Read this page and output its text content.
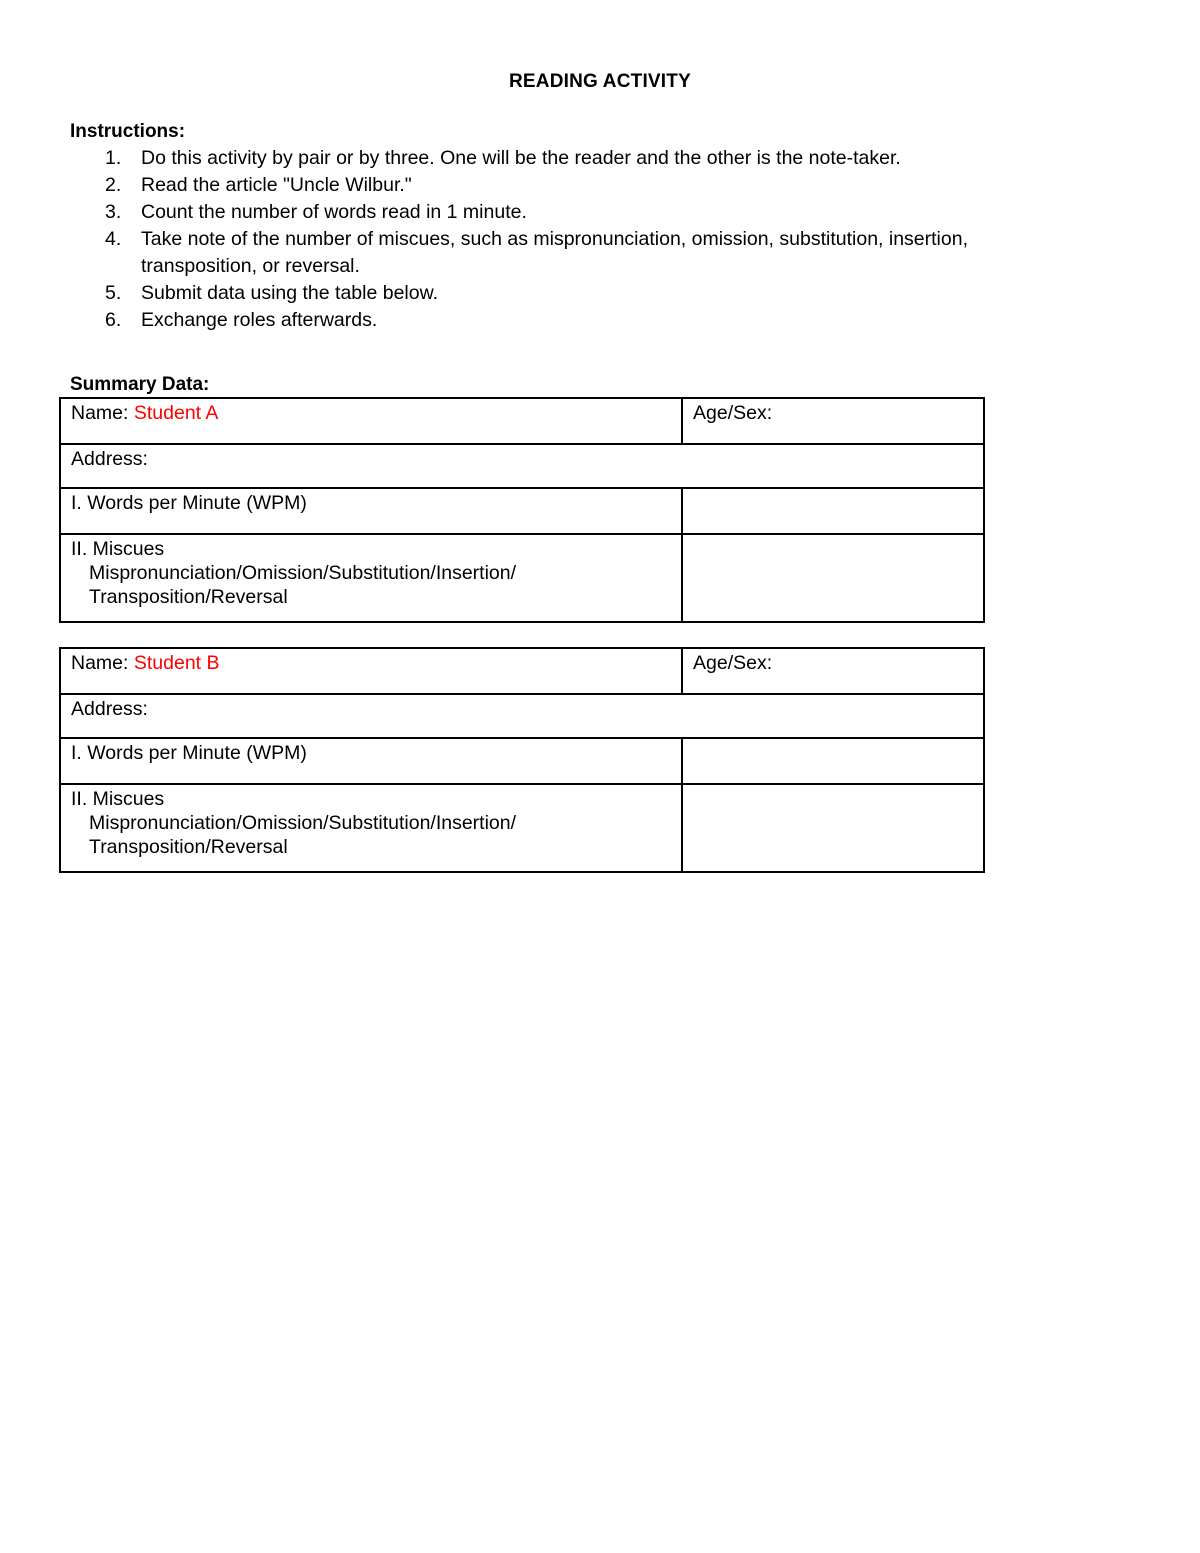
READING ACTIVITY
Instructions:
1. Do this activity by pair or by three. One will be the reader and the other is the note-taker.
2. Read the article "Uncle Wilbur."
3. Count the number of words read in 1 minute.
4. Take note of the number of miscues, such as mispronunciation, omission, substitution, insertion, transposition, or reversal.
5. Submit data using the table below.
6. Exchange roles afterwards.
Summary Data:
Name: Student A	Age/Sex:
Address:	
I. Words per Minute (WPM)	
II. Miscues
Mispronunciation/Omission/Substitution/Insertion/
Transposition/Reversal	

Name: Student B	Age/Sex:
Address:	
I. Words per Minute (WPM)	
II. Miscues
Mispronunciation/Omission/Substitution/Insertion/
Transposition/Reversal	
